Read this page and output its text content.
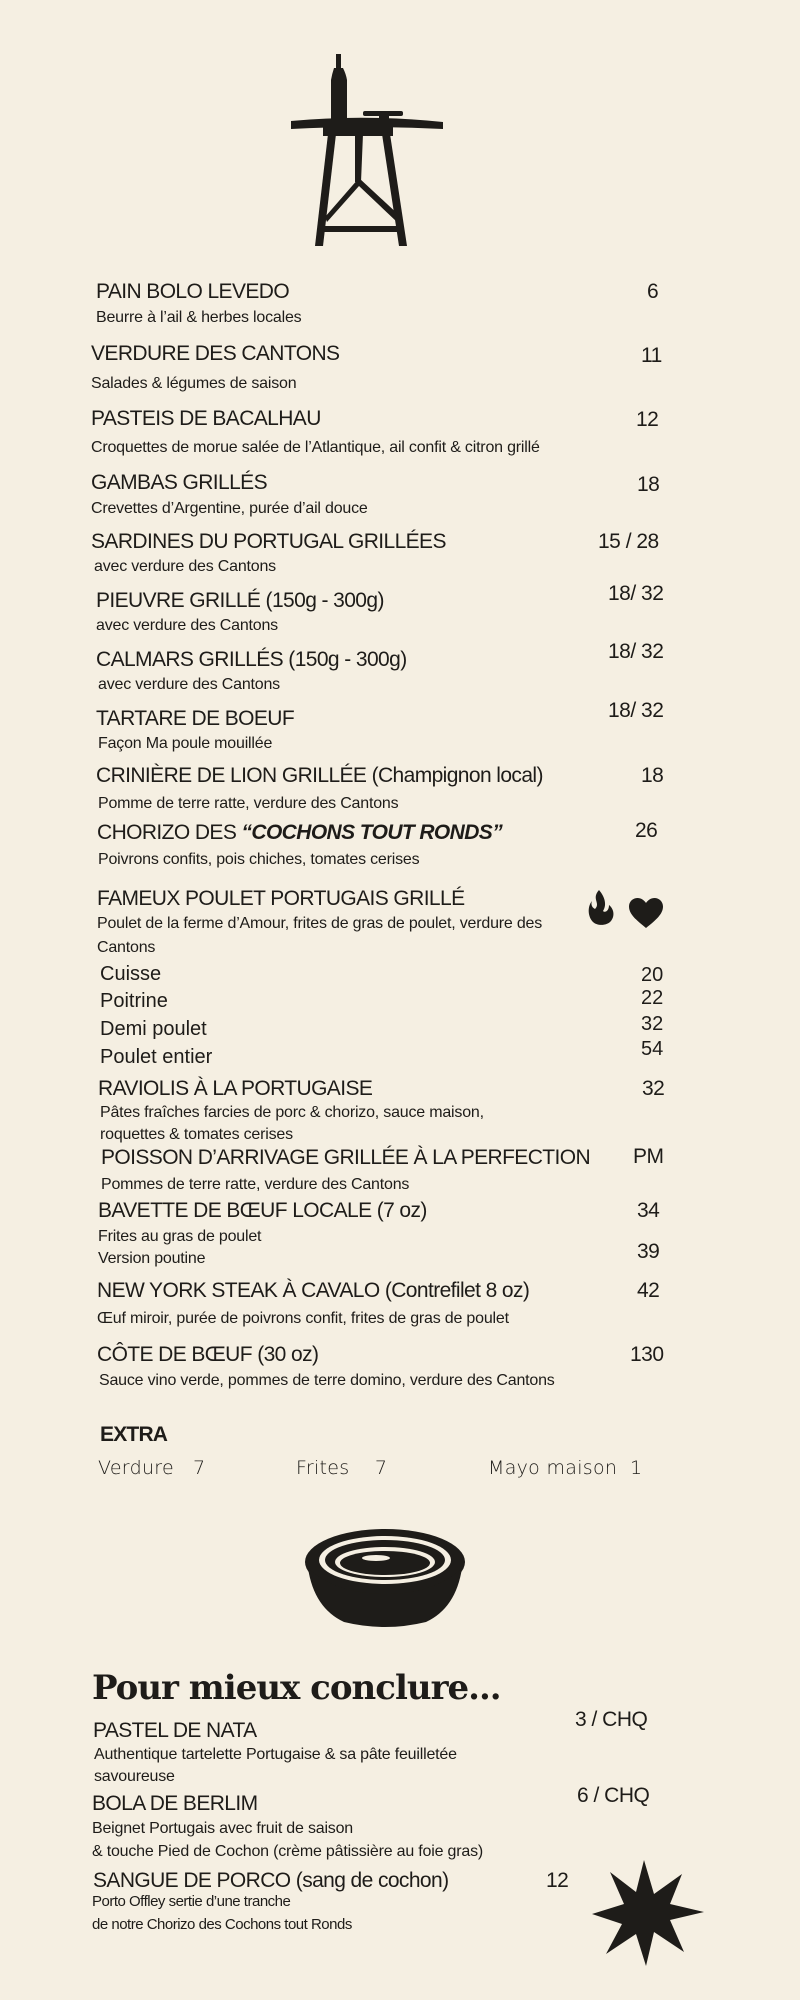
PAIN BOLO LEVEDO
Beurre à l’ail & herbes locales
6
VERDURE DES CANTONS
Salades & légumes de saison
11
PASTEIS DE BACALHAU
Croquettes de morue salée de l’Atlantique, ail confit & citron grillé
12
GAMBAS GRILLÉS
Crevettes d’Argentine, purée d’ail douce
18
SARDINES DU PORTUGAL GRILLÉES
avec verdure des Cantons
15 / 28
PIEUVRE GRILLÉ (150g - 300g)
avec verdure des Cantons
18/ 32
CALMARS GRILLÉS (150g - 300g)
avec verdure des Cantons
18/ 32
TARTARE DE BOEUF
Façon Ma poule mouillée
18/ 32
CRINIÈRE DE LION GRILLÉE (Champignon local)
Pomme de terre ratte, verdure des Cantons
18
CHORIZO DES “COCHONS TOUT RONDS”
Poivrons confits, pois chiches, tomates cerises
26
FAMEUX POULET PORTUGAIS GRILLÉ
Poulet de la ferme d’Amour, frites de gras de poulet, verdure des
Cantons
Cuisse
Poitrine
Demi poulet
Poulet entier
20
22
32
54
RAVIOLIS À LA PORTUGAISE
Pâtes fraîches farcies de porc & chorizo, sauce maison,
roquettes & tomates cerises
32
POISSON D’ARRIVAGE GRILLÉE À LA PERFECTION
Pommes de terre ratte, verdure des Cantons
PM
BAVETTE DE BŒUF LOCALE (7 oz)
Frites au gras de poulet
Version poutine
34
39
NEW YORK STEAK À CAVALO (Contrefilet 8 oz)
Œuf miroir, purée de poivrons confit, frites de gras de poulet
42
CÔTE DE BŒUF (30 oz)
Sauce vino verde, pommes de terre domino, verdure des Cantons
130
EXTRA
Verdure 7	Frites 7	Mayo maison 1
Pour mieux conclure...
PASTEL DE NATA
Authentique tartelette Portugaise & sa pâte feuilletée
savoureuse
3 / CHQ
BOLA DE BERLIM
Beignet Portugais avec fruit de saison
& touche Pied de Cochon (crème pâtissière au foie gras)
6 / CHQ
SANGUE DE PORCO (sang de cochon)
Porto Offley sertie d’une tranche
de notre Chorizo des Cochons tout Ronds
12
